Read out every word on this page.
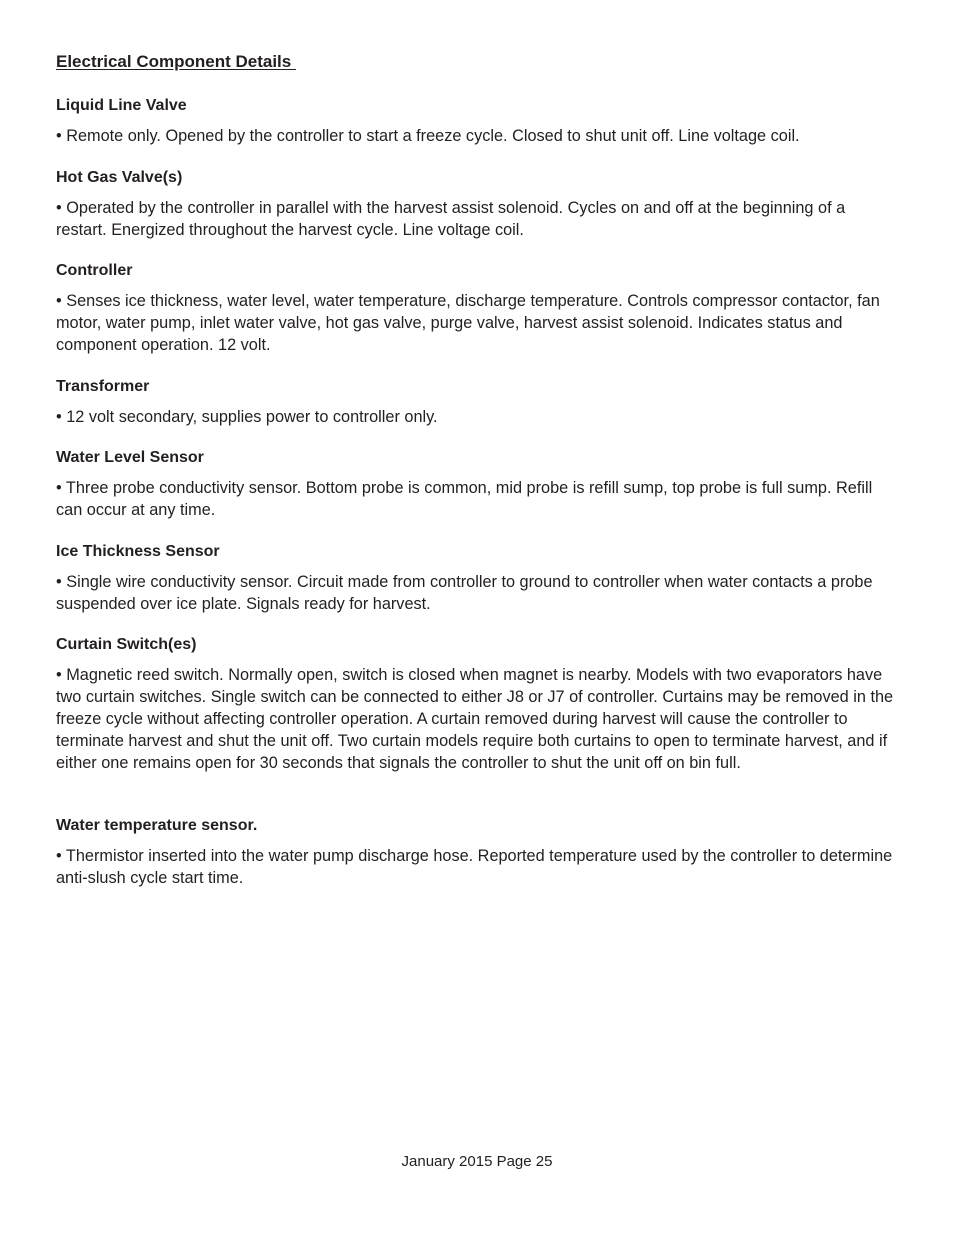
Electrical Component Details
Liquid Line Valve

• Remote only. Opened by the controller to start a freeze cycle. Closed to shut unit off. Line voltage coil.

Hot Gas Valve(s)

• Operated by the controller in parallel with the harvest assist solenoid. Cycles on and off at the beginning of a restart. Energized throughout the harvest cycle. Line voltage coil.

Controller

• Senses ice thickness, water level, water temperature, discharge temperature. Controls compressor contactor, fan motor, water pump, inlet water valve, hot gas valve, purge valve, harvest assist solenoid. Indicates status and component operation. 12 volt.

Transformer

• 12 volt secondary, supplies power to controller only.

Water Level Sensor

• Three probe conductivity sensor. Bottom probe is common, mid probe is refill sump, top probe is full sump. Refill can occur at any time.

Ice Thickness Sensor

• Single wire conductivity sensor. Circuit made from controller to ground to controller when water contacts a probe suspended over ice plate. Signals ready for harvest.

Curtain Switch(es)

• Magnetic reed switch. Normally open, switch is closed when magnet is nearby. Models with two evaporators have two curtain switches. Single switch can be connected to either J8 or J7 of controller. Curtains may be removed in the freeze cycle without affecting controller operation. A curtain removed during harvest will cause the controller to terminate harvest and shut the unit off. Two curtain models require both curtains to open to terminate harvest, and if either one remains open for 30 seconds that signals the controller to shut the unit off on bin full.

Water temperature sensor.

• Thermistor inserted into the water pump discharge hose. Reported temperature used by the controller to determine anti-slush cycle start time.

January 2015 Page 25
